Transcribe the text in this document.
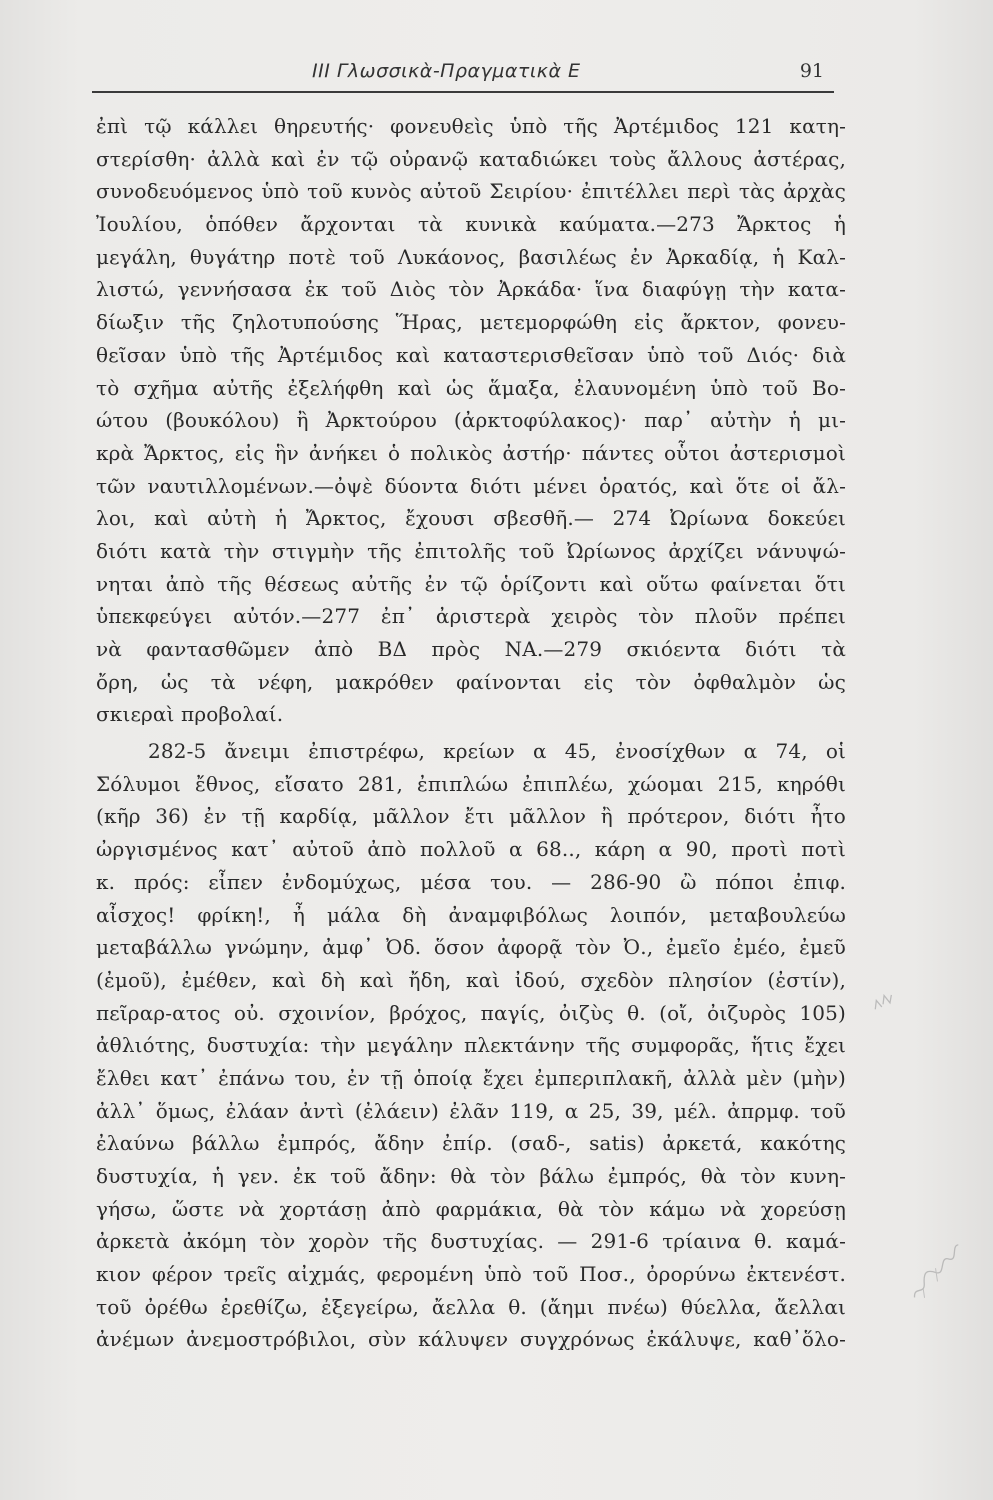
ΙΙΙ Γλωσσικὰ-Πραγματικὰ Ε	91
ἐπὶ τῷ κάλλει θηρευτής· φονευθεὶς ὑπὸ τῆς Ἀρτέμιδος 121 κατη-
στερίσθη· ἀλλὰ καὶ ἐν τῷ οὐρανῷ καταδιώκει τοὺς ἄλλους ἀστέρας,
συνοδευόμενος ὑπὸ τοῦ κυνὸς αὐτοῦ Σειρίου· ἐπιτέλλει περὶ τὰς ἀρχὰς
Ἰουλίου, ὁπόθεν ἄρχονται τὰ κυνικὰ καύματα.—273 Ἄρκτος ἡ
μεγάλη, θυγάτηρ ποτὲ τοῦ Λυκάονος, βασιλέως ἐν Ἀρκαδίᾳ, ἡ Καλ-
λιστώ, γεννήσασα ἐκ τοῦ Διὸς τὸν Ἀρκάδα· ἵνα διαφύγῃ τὴν κατα-
δίωξιν τῆς ζηλοτυπούσης Ἥρας, μετεμορφώθη εἰς ἄρκτον, φονευ-
θεῖσαν ὑπὸ τῆς Ἀρτέμιδος καὶ καταστερισθεῖσαν ὑπὸ τοῦ Διός· διὰ
τὸ σχῆμα αὐτῆς ἐξελήφθη καὶ ὡς ἅμαξα, ἐλαυνομένη ὑπὸ τοῦ Βο-
ώτου (βουκόλου) ἢ Ἀρκτούρου (ἀρκτοφύλακος)· παρ᾽ αὐτὴν ἡ μι-
κρὰ Ἄρκτος, εἰς ἣν ἀνήκει ὁ πολικὸς ἀστήρ· πάντες οὗτοι ἀστερισμοὶ
τῶν ναυτιλλομένων.—ὀψὲ δύοντα διότι μένει ὁρατός, καὶ ὅτε οἱ ἄλ-
λοι, καὶ αὐτὴ ἡ Ἄρκτος, ἔχουσι σβεσθῆ.— 274 Ὠρίωνα δοκεύει
διότι κατὰ τὴν στιγμὴν τῆς ἐπιτολῆς τοῦ Ὠρίωνος ἀρχίζει νάνυψώ-
νηται ἀπὸ τῆς θέσεως αὐτῆς ἐν τῷ ὁρίζοντι καὶ οὕτω φαίνεται ὅτι
ὑπεκφεύγει αὐτόν.—277 ἐπ᾽ ἀριστερὰ χειρὸς τὸν πλοῦν πρέπει
νὰ φαντασθῶμεν ἀπὸ ΒΔ πρὸς ΝΑ.—279 σκιόεντα διότι τὰ
ὄρη, ὡς τὰ νέφη, μακρόθεν φαίνονται εἰς τὸν ὀφθαλμὸν ὡς
σκιεραὶ προβολαί.
282-5 ἄνειμι ἐπιστρέφω, κρείων α 45, ἐνοσίχθων α 74, οἱ
Σόλυμοι ἔθνος, εἴσατο 281, ἐπιπλώω ἐπιπλέω, χώομαι 215, κηρόθι
(κῆρ 36) ἐν τῇ καρδίᾳ, μᾶλλον ἔτι μᾶλλον ἢ πρότερον, διότι ἦτο
ὠργισμένος κατ᾽ αὐτοῦ ἀπὸ πολλοῦ α 68.., κάρη α 90, προτὶ ποτὶ
κ. πρός: εἶπεν ἐνδομύχως, μέσα του. — 286-90 ὢ πόποι ἐπιφ.
αἶσχος! φρίκη!, ἦ μάλα δὴ ἀναμφιβόλως λοιπόν, μεταβουλεύω
μεταβάλλω γνώμην, ἀμφ᾽ Ὀδ. ὅσον ἀφορᾷ τὸν Ὀ., ἐμεῖο ἐμέο, ἐμεῦ
(ἐμοῦ), ἐμέθεν, καὶ δὴ καὶ ἤδη, καὶ ἰδού, σχεδὸν πλησίον (ἐστίν),
πεῖραρ-ατος οὐ. σχοινίον, βρόχος, παγίς, ὀιζὺς θ. (οἴ, ὀιζυρὸς 105)
ἀθλιότης, δυστυχία: τὴν μεγάλην πλεκτάνην τῆς συμφορᾶς, ἥτις ἔχει
ἔλθει κατ᾽ ἐπάνω του, ἐν τῇ ὁποίᾳ ἔχει ἐμπεριπλακῆ, ἀλλὰ μὲν (μὴν)
ἀλλ᾽ ὅμως, ἐλάαν ἀντὶ (ἐλάειν) ἐλᾶν 119, α 25, 39, μέλ. ἀπρμφ. τοῦ
ἐλαύνω βάλλω ἐμπρός, ἄδην ἐπίρ. (σαδ-, satis) ἀρκετά, κακότης
δυστυχία, ἡ γεν. ἐκ τοῦ ἄδην: θὰ τὸν βάλω ἐμπρός, θὰ τὸν κυνη-
γήσω, ὥστε νὰ χορτάσῃ ἀπὸ φαρμάκια, θὰ τὸν κάμω νὰ χορεύσῃ
ἀρκετὰ ἀκόμη τὸν χορὸν τῆς δυστυχίας. — 291-6 τρίαινα θ. καμά-
κιον φέρον τρεῖς αἰχμάς, φερομένη ὑπὸ τοῦ Ποσ., ὀρορύνω ἐκτενέστ.
τοῦ ὀρέθω ἐρεθίζω, ἐξεγείρω, ἄελλα θ. (ἄημι πνέω) θύελλα, ἄελλαι
ἀνέμων ἀνεμοστρόβιλοι, σὺν κάλυψεν συγχρόνως ἐκάλυψε, καθ᾽ὅλο-
